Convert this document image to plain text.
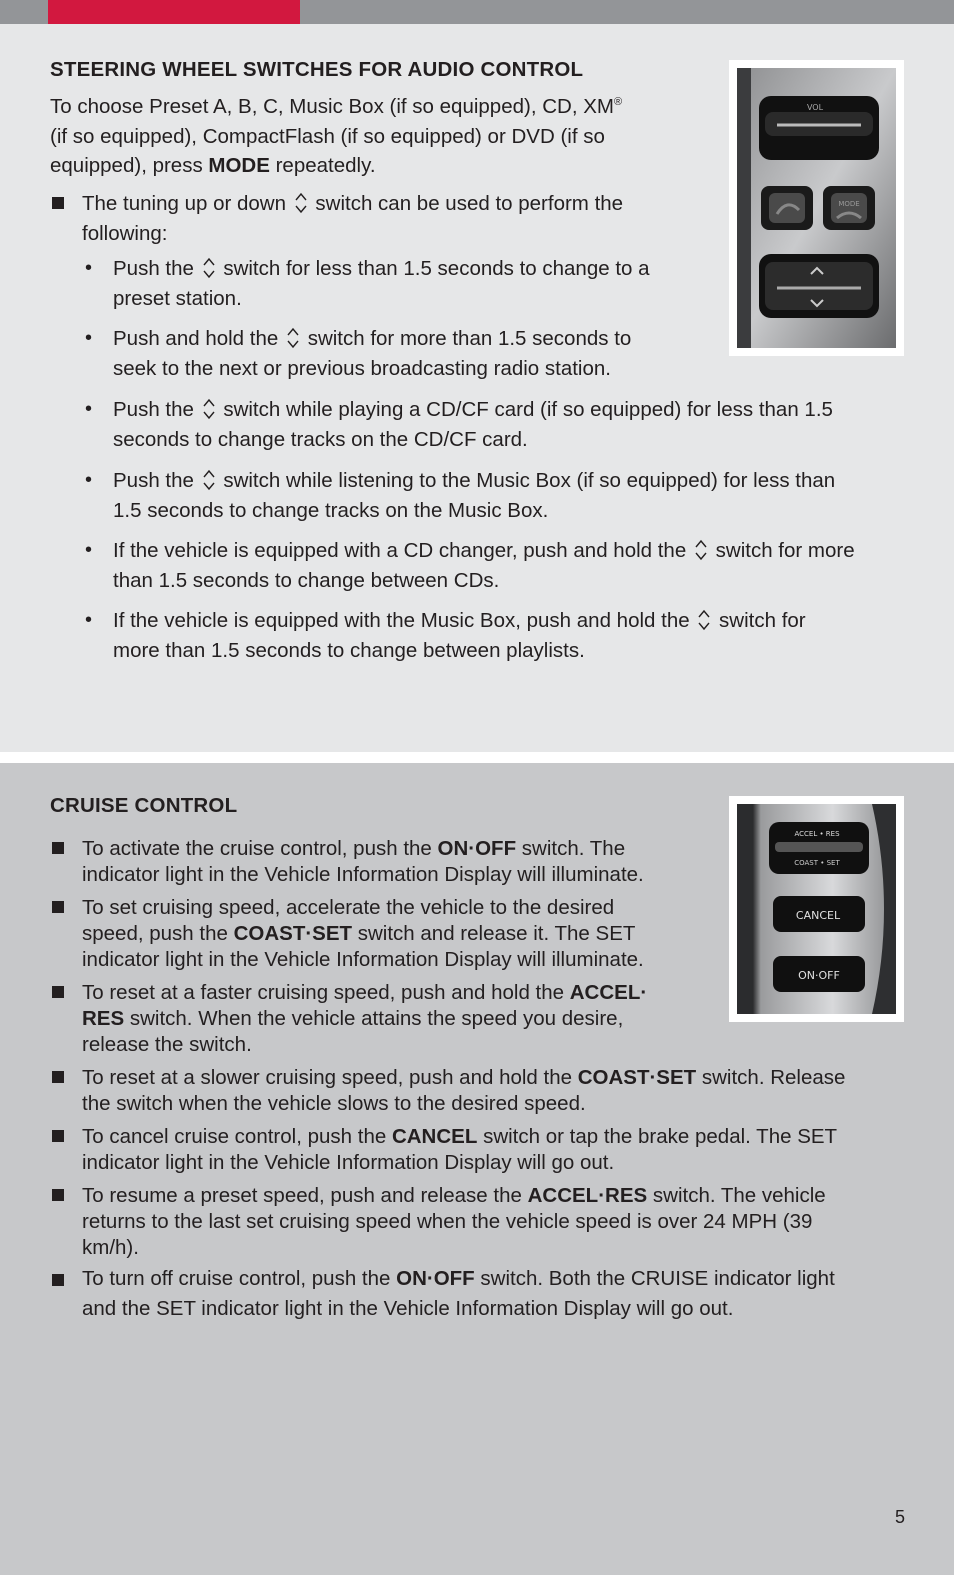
STEERING WHEEL SWITCHES FOR AUDIO CONTROL

To choose Preset A, B, C, Music Box (if so equipped), CD, XM®
(if so equipped), CompactFlash (if so equipped) or DVD (if so
equipped), press MODE repeatedly.

The tuning up or down switch can be used to perform the
following:

• Push the switch for less than 1.5 seconds to change to a
preset station.

• Push and hold the switch for more than 1.5 seconds to
seek to the next or previous broadcasting radio station.

• Push the switch while playing a CD/CF card (if so equipped) for less than 1.5
seconds to change tracks on the CD/CF card.

• Push the switch while listening to the Music Box (if so equipped) for less than
1.5 seconds to change tracks on the Music Box.

• If the vehicle is equipped with a CD changer, push and hold the switch for more
than 1.5 seconds to change between CDs.

• If the vehicle is equipped with the Music Box, push and hold the switch for
more than 1.5 seconds to change between playlists.

VOL
MODE
CRUISE CONTROL

To activate the cruise control, push the ON·OFF switch. The
indicator light in the Vehicle Information Display will illuminate.

To set cruising speed, accelerate the vehicle to the desired
speed, push the COAST·SET switch and release it. The SET
indicator light in the Vehicle Information Display will illuminate.

To reset at a faster cruising speed, push and hold the ACCEL·
RES switch. When the vehicle attains the speed you desire,
release the switch.

To reset at a slower cruising speed, push and hold the COAST·SET switch. Release
the switch when the vehicle slows to the desired speed.

To cancel cruise control, push the CANCEL switch or tap the brake pedal. The SET
indicator light in the Vehicle Information Display will go out.

To resume a preset speed, push and release the ACCEL·RES switch. The vehicle
returns to the last set cruising speed when the vehicle speed is over 24 MPH (39
km/h).

To turn off cruise control, push the ON·OFF switch. Both the CRUISE indicator light
and the SET indicator light in the Vehicle Information Display will go out.

ACCEL • RES
COAST • SET
CANCEL
ON·OFF
5
